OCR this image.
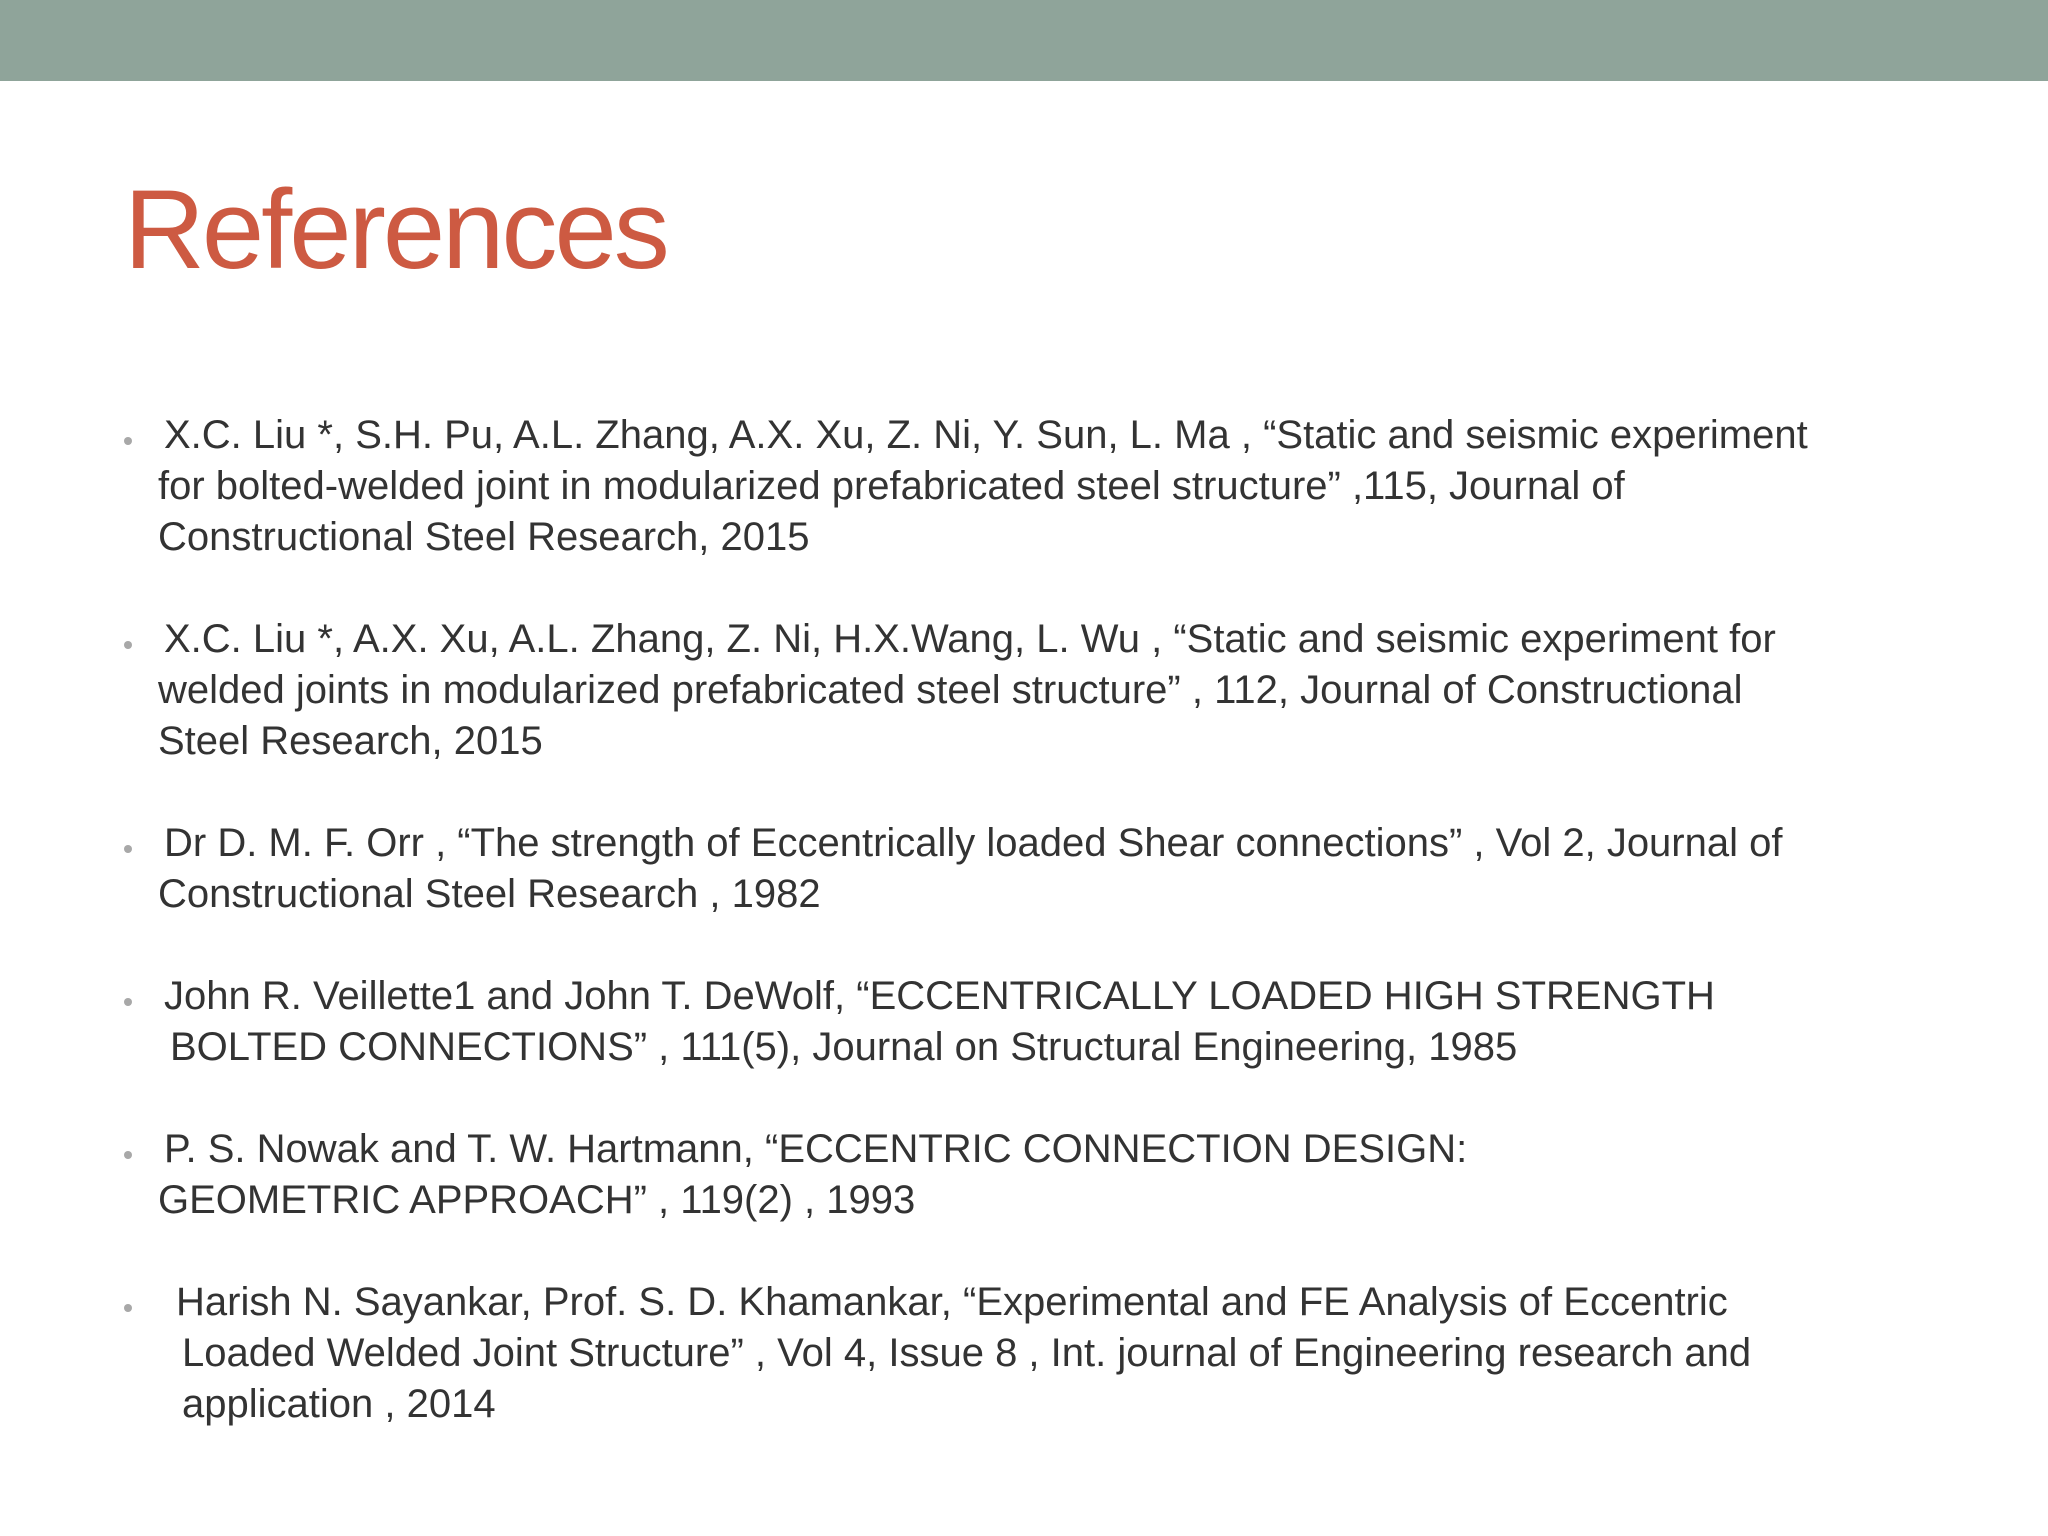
References
X.C. Liu *, S.H. Pu, A.L. Zhang, A.X. Xu, Z. Ni, Y. Sun, L. Ma , “Static and seismic experiment
for bolted-welded joint in modularized prefabricated steel structure” ,115, Journal of
Constructional Steel Research, 2015
X.C. Liu *, A.X. Xu, A.L. Zhang, Z. Ni, H.X.Wang, L. Wu , “Static and seismic experiment for
welded joints in modularized prefabricated steel structure” , 112, Journal of Constructional
Steel Research, 2015
Dr D. M. F. Orr , “The strength of Eccentrically loaded Shear connections” , Vol 2, Journal of
Constructional Steel Research , 1982
John R. Veillette1 and John T. DeWolf, “ECCENTRICALLY LOADED HIGH STRENGTH
BOLTED CONNECTIONS” , 111(5), Journal on Structural Engineering, 1985
P. S. Nowak and T. W. Hartmann, “ECCENTRIC CONNECTION DESIGN:
GEOMETRIC APPROACH” , 119(2) , 1993
Harish N. Sayankar, Prof. S. D. Khamankar, “Experimental and FE Analysis of Eccentric
Loaded Welded Joint Structure” , Vol 4, Issue 8 , Int. journal of Engineering research and
application , 2014
